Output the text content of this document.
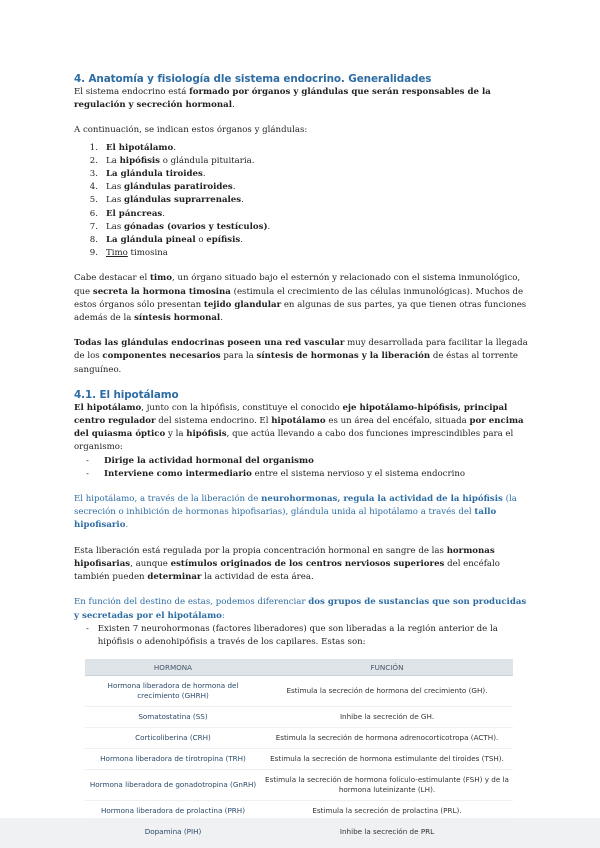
4. Anatomía y fisiología dle sistema endocrino. Generalidades

El sistema endocrino está formado por órganos y glándulas que serán responsables de la regulación y secreción hormonal.

A continuación, se indican estos órganos y glándulas:

1. El hipotálamo.
2. La hipófisis o glándula pituitaria.
3. La glándula tiroides.
4. Las glándulas paratiroides.
5. Las glándulas suprarrenales.
6. El páncreas.
7. Las gónadas (ovarios y testículos).
8. La glándula pineal o epífisis.
9. Timo timosina

Cabe destacar el timo, un órgano situado bajo el esternón y relacionado con el sistema inmunológico, que secreta la hormona timosina (estimula el crecimiento de las células inmunológicas). Muchos de estos órganos sólo presentan tejido glandular en algunas de sus partes, ya que tienen otras funciones además de la síntesis hormonal.

Todas las glándulas endocrinas poseen una red vascular muy desarrollada para facilitar la llegada de los componentes necesarios para la síntesis de hormonas y la liberación de éstas al torrente sanguíneo.

4.1. El hipotálamo

El hipotálamo, junto con la hipófisis, constituye el conocido eje hipotálamo-hipófisis, principal centro regulador del sistema endocrino. El hipotálamo es un área del encéfalo, situada por encima del quiasma óptico y la hipófisis, que actúa llevando a cabo dos funciones imprescindibles para el organismo:

-	Dirige la actividad hormonal del organismo
-	Interviene como intermediario entre el sistema nervioso y el sistema endocrino

El hipotálamo, a través de la liberación de neurohormonas, regula la actividad de la hipófisis (la secreción o inhibición de hormonas hipofisarias), glándula unida al hipotálamo a través del tallo hipofisario.

Esta liberación está regulada por la propia concentración hormonal en sangre de las hormonas hipofisarias, aunque estímulos originados de los centros nerviosos superiores del encéfalo también pueden determinar la actividad de esta área.

En función del destino de estas, podemos diferenciar dos grupos de sustancias que son producidas y secretadas por el hipotálamo:

-	Existen 7 neurohormonas (factores liberadores) que son liberadas a la región anterior de la hipófisis o adenohipófisis a través de los capilares. Estas son:
HORMONA	FUNCIÓN
Hormona liberadora de hormona del crecimiento (GHRH)	Estimula la secreción de hormona del crecimiento (GH).
Somatostatina (SS)	Inhibe la secreción de GH.
Corticoliberina (CRH)	Estimula la secreción de hormona adrenocorticotropa (ACTH).
Hormona liberadora de tirotropina (TRH)	Estimula la secreción de hormona estimulante del tiroides (TSH).
Hormona liberadora de gonadotropina (GnRH)	Estimula la secreción de hormona folículo-estimulante (FSH) y de la hormona luteinizante (LH).
Hormona liberadora de prolactina (PRH)	Estimula la secreción de prolactina (PRL).
Dopamina (PIH)	Inhibe la secreción de PRL
